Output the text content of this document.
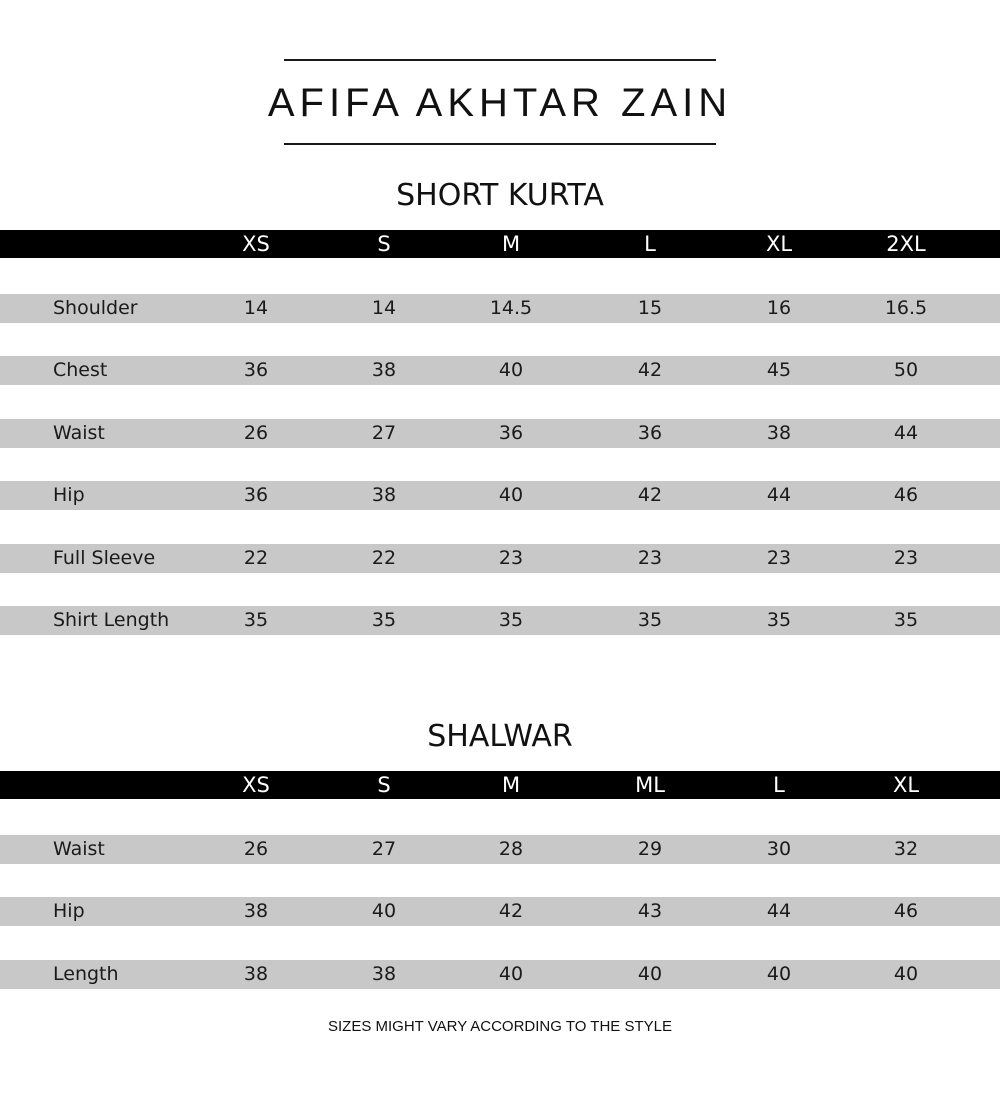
AFIFA AKHTAR ZAIN
SHORT KURTA
XS	S	M	L	XL	2XL
Shoulder	14	14	14.5	15	16	16.5
Chest	36	38	40	42	45	50
Waist	26	27	36	36	38	44
Hip	36	38	40	42	44	46
Full Sleeve	22	22	23	23	23	23
Shirt Length	35	35	35	35	35	35
SHALWAR
XS	S	M	ML	L	XL
Waist	26	27	28	29	30	32
Hip	38	40	42	43	44	46
Length	38	38	40	40	40	40
SIZES MIGHT VARY ACCORDING TO THE STYLE
